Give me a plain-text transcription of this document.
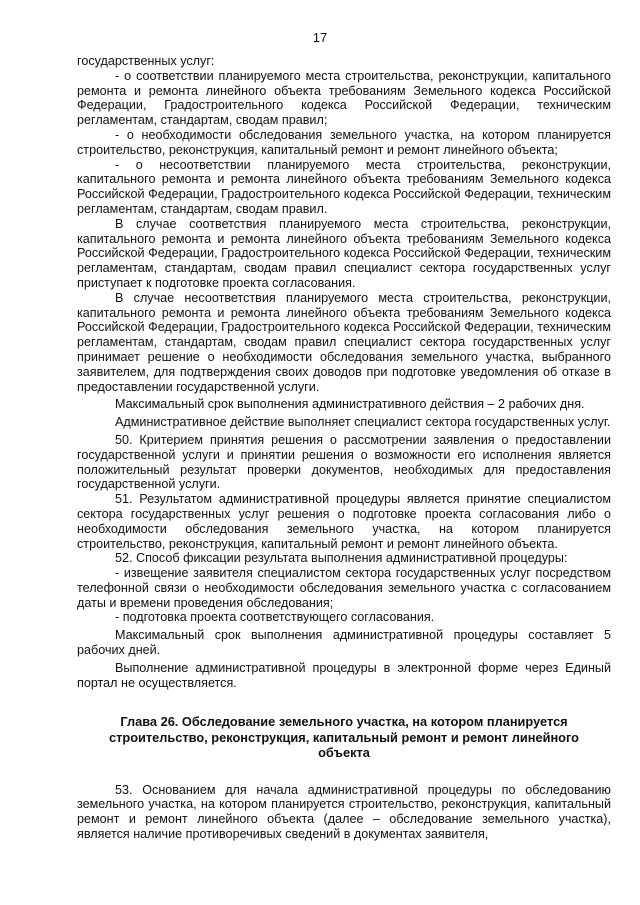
17

государственных услуг:

- о соответствии планируемого места строительства, реконструкции, капитального ремонта и ремонта линейного объекта требованиям Земельного кодекса Российской Федерации, Градостроительного кодекса Российской Федерации, техническим регламентам, стандартам, сводам правил;

- о необходимости обследования земельного участка, на котором планируется строительство, реконструкция, капитальный ремонт и ремонт линейного объекта;

- о несоответствии планируемого места строительства, реконструкции, капитального ремонта и ремонта линейного объекта требованиям Земельного кодекса Российской Федерации, Градостроительного кодекса Российской Федерации, техническим регламентам, стандартам, сводам правил.

В случае соответствия планируемого места строительства, реконструкции, капитального ремонта и ремонта линейного объекта требованиям Земельного кодекса Российской Федерации, Градостроительного кодекса Российской Федерации, техническим регламентам, стандартам, сводам правил специалист сектора государственных услуг приступает к подготовке проекта согласования.

В случае несоответствия планируемого места строительства, реконструкции, капитального ремонта и ремонта линейного объекта требованиям Земельного кодекса Российской Федерации, Градостроительного кодекса Российской Федерации, техническим регламентам, стандартам, сводам правил специалист сектора государственных услуг принимает решение о необходимости обследования земельного участка, выбранного заявителем, для подтверждения своих доводов при подготовке уведомления об отказе в предоставлении государственной услуги.

Максимальный срок выполнения административного действия – 2 рабочих дня.

Административное действие выполняет специалист сектора государственных услуг.

50. Критерием принятия решения о рассмотрении заявления о предоставлении государственной услуги и принятии решения о возможности его исполнения является положительный результат проверки документов, необходимых для предоставления государственной услуги.

51. Результатом административной процедуры является принятие специалистом сектора государственных услуг решения о подготовке проекта согласования либо о необходимости обследования земельного участка, на котором планируется строительство, реконструкция, капитальный ремонт и ремонт линейного объекта.

52. Способ фиксации результата выполнения административной процедуры:

- извещение заявителя специалистом сектора государственных услуг посредством телефонной связи о необходимости обследования земельного участка с согласованием даты и времени проведения обследования;

- подготовка проекта соответствующего согласования.

Максимальный срок выполнения административной процедуры составляет 5 рабочих дней.

Выполнение административной процедуры в электронной форме через Единый портал не осуществляется.

Глава 26. Обследование земельного участка, на котором планируется строительство, реконструкция, капитальный ремонт и ремонт линейного объекта

53. Основанием для начала административной процедуры по обследованию земельного участка, на котором планируется строительство, реконструкция, капитальный ремонт и ремонт линейного объекта (далее – обследование земельного участка), является наличие противоречивых сведений в документах заявителя,
